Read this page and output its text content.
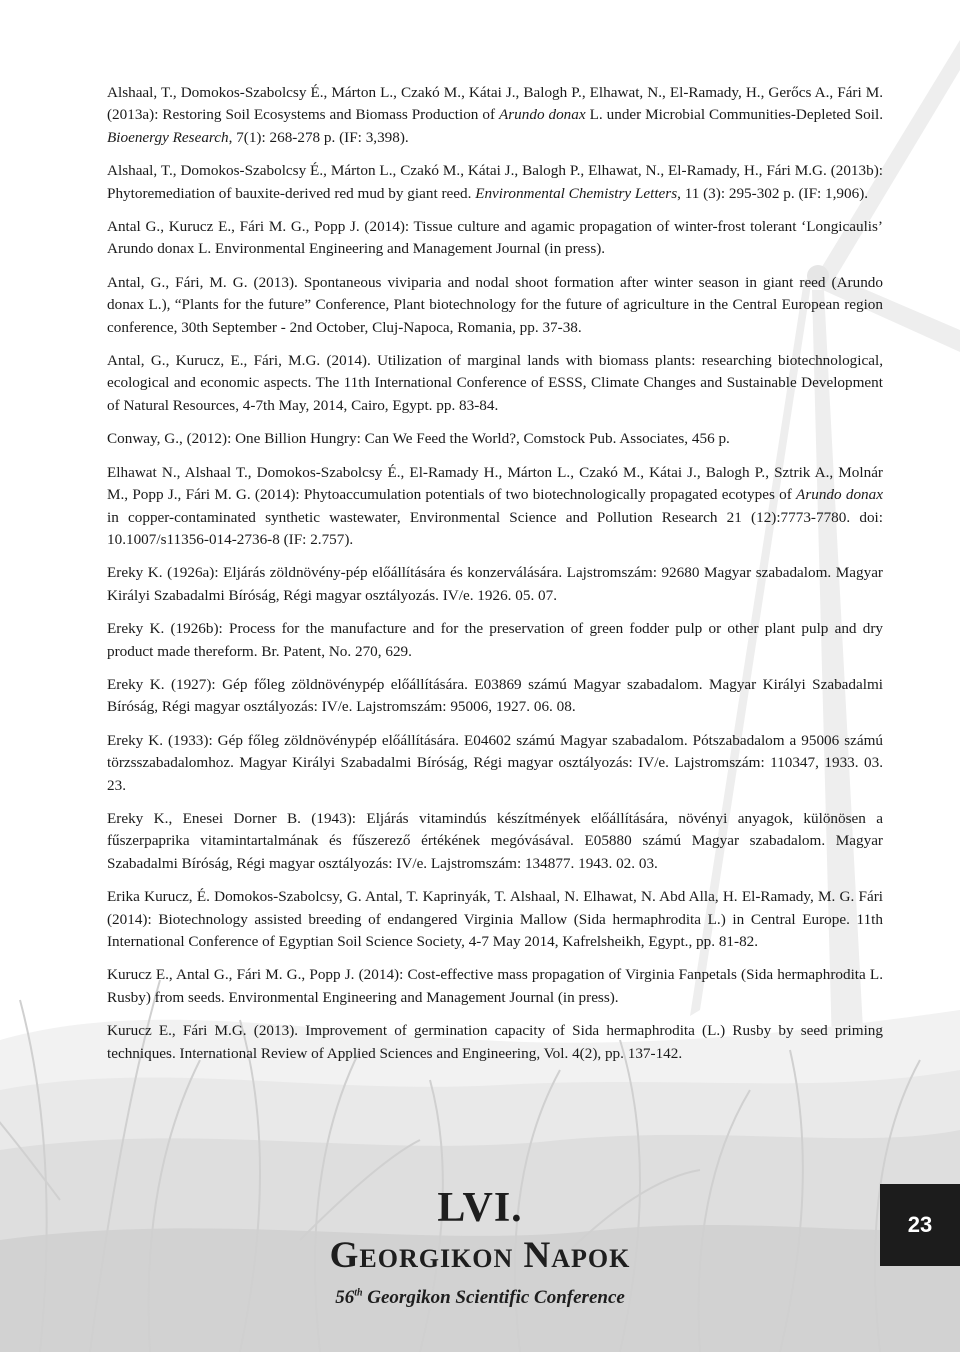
Alshaal, T., Domokos-Szabolcsy É., Márton L., Czakó M., Kátai J., Balogh P., Elhawat, N., El-Ramady, H., Gerőcs A., Fári M. (2013a): Restoring Soil Ecosystems and Biomass Production of Arundo donax L. under Microbial Communities-Depleted Soil. Bioenergy Research, 7(1): 268-278 p. (IF: 3,398).

Alshaal, T., Domokos-Szabolcsy É., Márton L., Czakó M., Kátai J., Balogh P., Elhawat, N., El-Ramady, H., Fári M.G. (2013b): Phytoremediation of bauxite-derived red mud by giant reed. Environmental Chemistry Letters, 11 (3): 295-302 p. (IF: 1,906).

Antal G., Kurucz E., Fári M. G., Popp J. (2014): Tissue culture and agamic propagation of winter-frost tolerant ‘Longicaulis’ Arundo donax L. Environmental Engineering and Management Journal (in press).

Antal, G., Fári, M. G. (2013). Spontaneous viviparia and nodal shoot formation after winter season in giant reed (Arundo donax L.), “Plants for the future” Conference, Plant biotechnology for the future of agriculture in the Central European region conference, 30th September - 2nd October, Cluj-Napoca, Romania, pp. 37-38.

Antal, G., Kurucz, E., Fári, M.G. (2014). Utilization of marginal lands with biomass plants: researching biotechnological, ecological and economic aspects. The 11th International Conference of ESSS, Climate Changes and Sustainable Development of Natural Resources, 4-7th May, 2014, Cairo, Egypt. pp. 83-84.

Conway, G., (2012): One Billion Hungry: Can We Feed the World?, Comstock Pub. Associates, 456 p.

Elhawat N., Alshaal T., Domokos-Szabolcsy É., El-Ramady H., Márton L., Czakó M., Kátai J., Balogh P., Sztrik A., Molnár M., Popp J., Fári M. G. (2014): Phytoaccumulation potentials of two biotechnologically propagated ecotypes of Arundo donax in copper-contaminated synthetic wastewater, Environmental Science and Pollution Research 21 (12):7773-7780. doi: 10.1007/s11356-014-2736-8 (IF: 2.757).

Ereky K. (1926a): Eljárás zöldnövény-pép előállítására és konzerválására. Lajstromszám: 92680 Magyar szabadalom. Magyar Királyi Szabadalmi Bíróság, Régi magyar osztályozás. IV/e. 1926. 05. 07.

Ereky K. (1926b): Process for the manufacture and for the preservation of green fodder pulp or other plant pulp and dry product made thereform. Br. Patent, No. 270, 629.

Ereky K. (1927): Gép főleg zöldnövénypép előállítására. E03869 számú Magyar szabadalom. Magyar Királyi Szabadalmi Bíróság, Régi magyar osztályozás: IV/e. Lajstromszám: 95006, 1927. 06. 08.

Ereky K. (1933): Gép főleg zöldnövénypép előállítására. E04602 számú Magyar szabadalom. Pótszabadalom a 95006 számú törzsszabadalomhoz. Magyar Királyi Szabadalmi Bíróság, Régi magyar osztályozás: IV/e. Lajstromszám: 110347, 1933. 03. 23.

Ereky K., Enesei Dorner B. (1943): Eljárás vitamindús készítmények előállítására, növényi anyagok, különösen a fűszerpaprika vitamintartalmának és fűszerező értékének megóvásával. E05880 számú Magyar szabadalom. Magyar Szabadalmi Bíróság, Régi magyar osztályozás: IV/e. Lajstromszám: 134877. 1943. 02. 03.

Erika Kurucz, É. Domokos-Szabolcsy, G. Antal, T. Kaprinyák, T. Alshaal, N. Elhawat, N. Abd Alla, H. El-Ramady, M. G. Fári (2014): Biotechnology assisted breeding of endangered Virginia Mallow (Sida hermaphrodita L.) in Central Europe. 11th International Conference of Egyptian Soil Science Society, 4-7 May 2014, Kafrelsheikh, Egypt., pp. 81-82.

Kurucz E., Antal G., Fári M. G., Popp J. (2014): Cost-effective mass propagation of Virginia Fanpetals (Sida hermaphrodita L. Rusby) from seeds. Environmental Engineering and Management Journal (in press).

Kurucz E., Fári M.G. (2013). Improvement of germination capacity of Sida hermaphrodita (L.) Rusby by seed priming techniques. International Review of Applied Sciences and Engineering, Vol. 4(2), pp. 137-142.

LVI.
Georgikon Napok
56th Georgikon Scientific Conference
23
